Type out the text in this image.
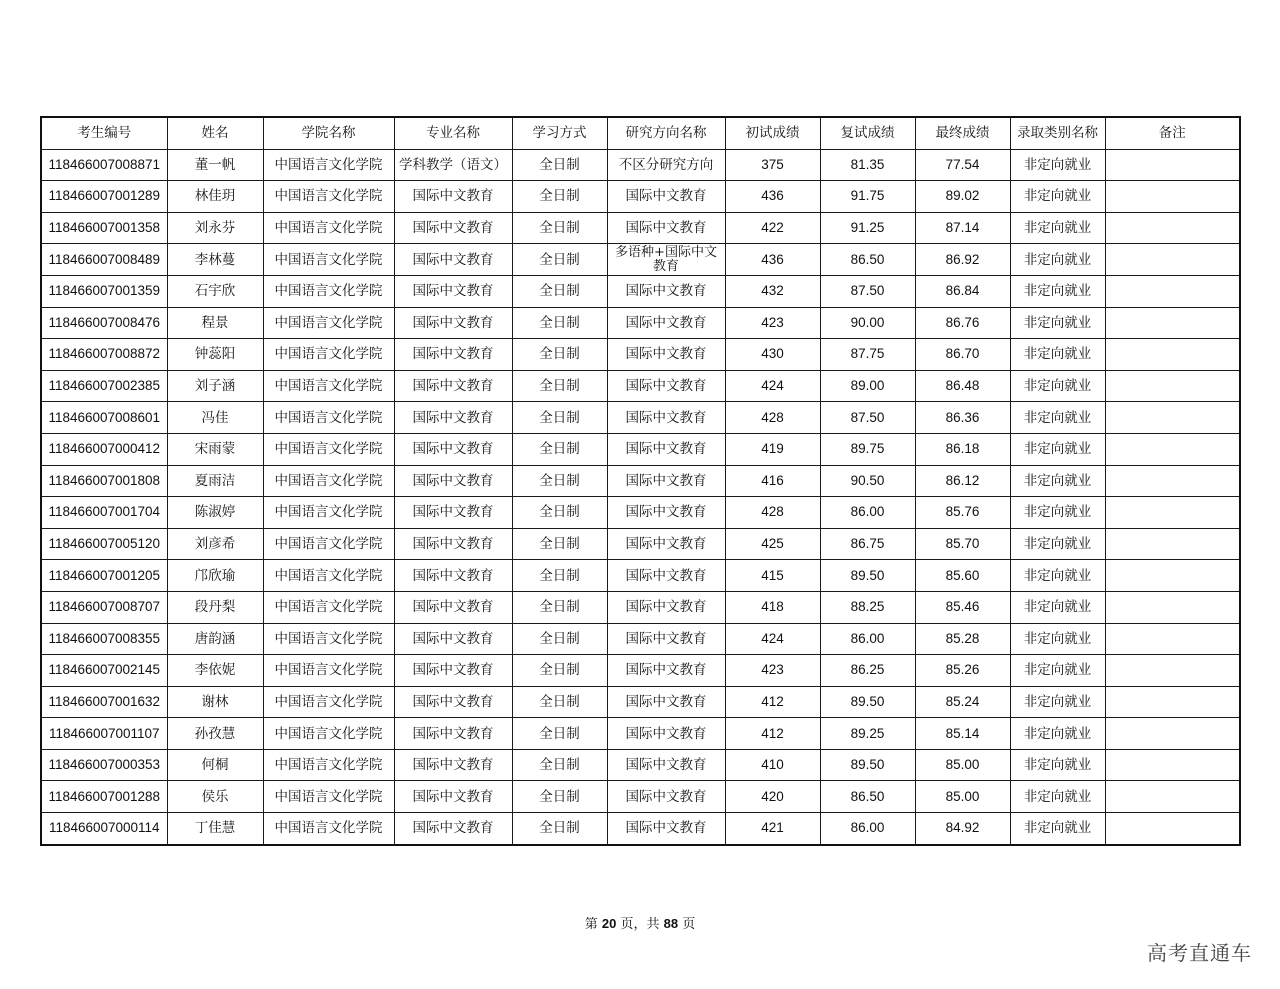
考生编号	姓名	学院名称	专业名称	学习方式	研究方向名称	初试成绩	复试成绩	最终成绩	录取类别名称	备注
118466007008871	董一帆	中国语言文化学院	学科教学（语文）	全日制	不区分研究方向	375	81.35	77.54	非定向就业	
118466007001289	林佳玥	中国语言文化学院	国际中文教育	全日制	国际中文教育	436	91.75	89.02	非定向就业	
118466007001358	刘永芬	中国语言文化学院	国际中文教育	全日制	国际中文教育	422	91.25	87.14	非定向就业	
118466007008489	李林蔓	中国语言文化学院	国际中文教育	全日制	多语种+国际中文教育	436	86.50	86.92	非定向就业	
118466007001359	石宇欣	中国语言文化学院	国际中文教育	全日制	国际中文教育	432	87.50	86.84	非定向就业	
118466007008476	程景	中国语言文化学院	国际中文教育	全日制	国际中文教育	423	90.00	86.76	非定向就业	
118466007008872	钟蕊阳	中国语言文化学院	国际中文教育	全日制	国际中文教育	430	87.75	86.70	非定向就业	
118466007002385	刘子涵	中国语言文化学院	国际中文教育	全日制	国际中文教育	424	89.00	86.48	非定向就业	
118466007008601	冯佳	中国语言文化学院	国际中文教育	全日制	国际中文教育	428	87.50	86.36	非定向就业	
118466007000412	宋雨蒙	中国语言文化学院	国际中文教育	全日制	国际中文教育	419	89.75	86.18	非定向就业	
118466007001808	夏雨洁	中国语言文化学院	国际中文教育	全日制	国际中文教育	416	90.50	86.12	非定向就业	
118466007001704	陈淑婷	中国语言文化学院	国际中文教育	全日制	国际中文教育	428	86.00	85.76	非定向就业	
118466007005120	刘彦希	中国语言文化学院	国际中文教育	全日制	国际中文教育	425	86.75	85.70	非定向就业	
118466007001205	邝欣瑜	中国语言文化学院	国际中文教育	全日制	国际中文教育	415	89.50	85.60	非定向就业	
118466007008707	段丹梨	中国语言文化学院	国际中文教育	全日制	国际中文教育	418	88.25	85.46	非定向就业	
118466007008355	唐韵涵	中国语言文化学院	国际中文教育	全日制	国际中文教育	424	86.00	85.28	非定向就业	
118466007002145	李依妮	中国语言文化学院	国际中文教育	全日制	国际中文教育	423	86.25	85.26	非定向就业	
118466007001632	谢林	中国语言文化学院	国际中文教育	全日制	国际中文教育	412	89.50	85.24	非定向就业	
118466007001107	孙孜慧	中国语言文化学院	国际中文教育	全日制	国际中文教育	412	89.25	85.14	非定向就业	
118466007000353	何桐	中国语言文化学院	国际中文教育	全日制	国际中文教育	410	89.50	85.00	非定向就业	
118466007001288	侯乐	中国语言文化学院	国际中文教育	全日制	国际中文教育	420	86.50	85.00	非定向就业	
118466007000114	丁佳慧	中国语言文化学院	国际中文教育	全日制	国际中文教育	421	86.00	84.92	非定向就业	
第 20 页，共 88 页
高考直通车
